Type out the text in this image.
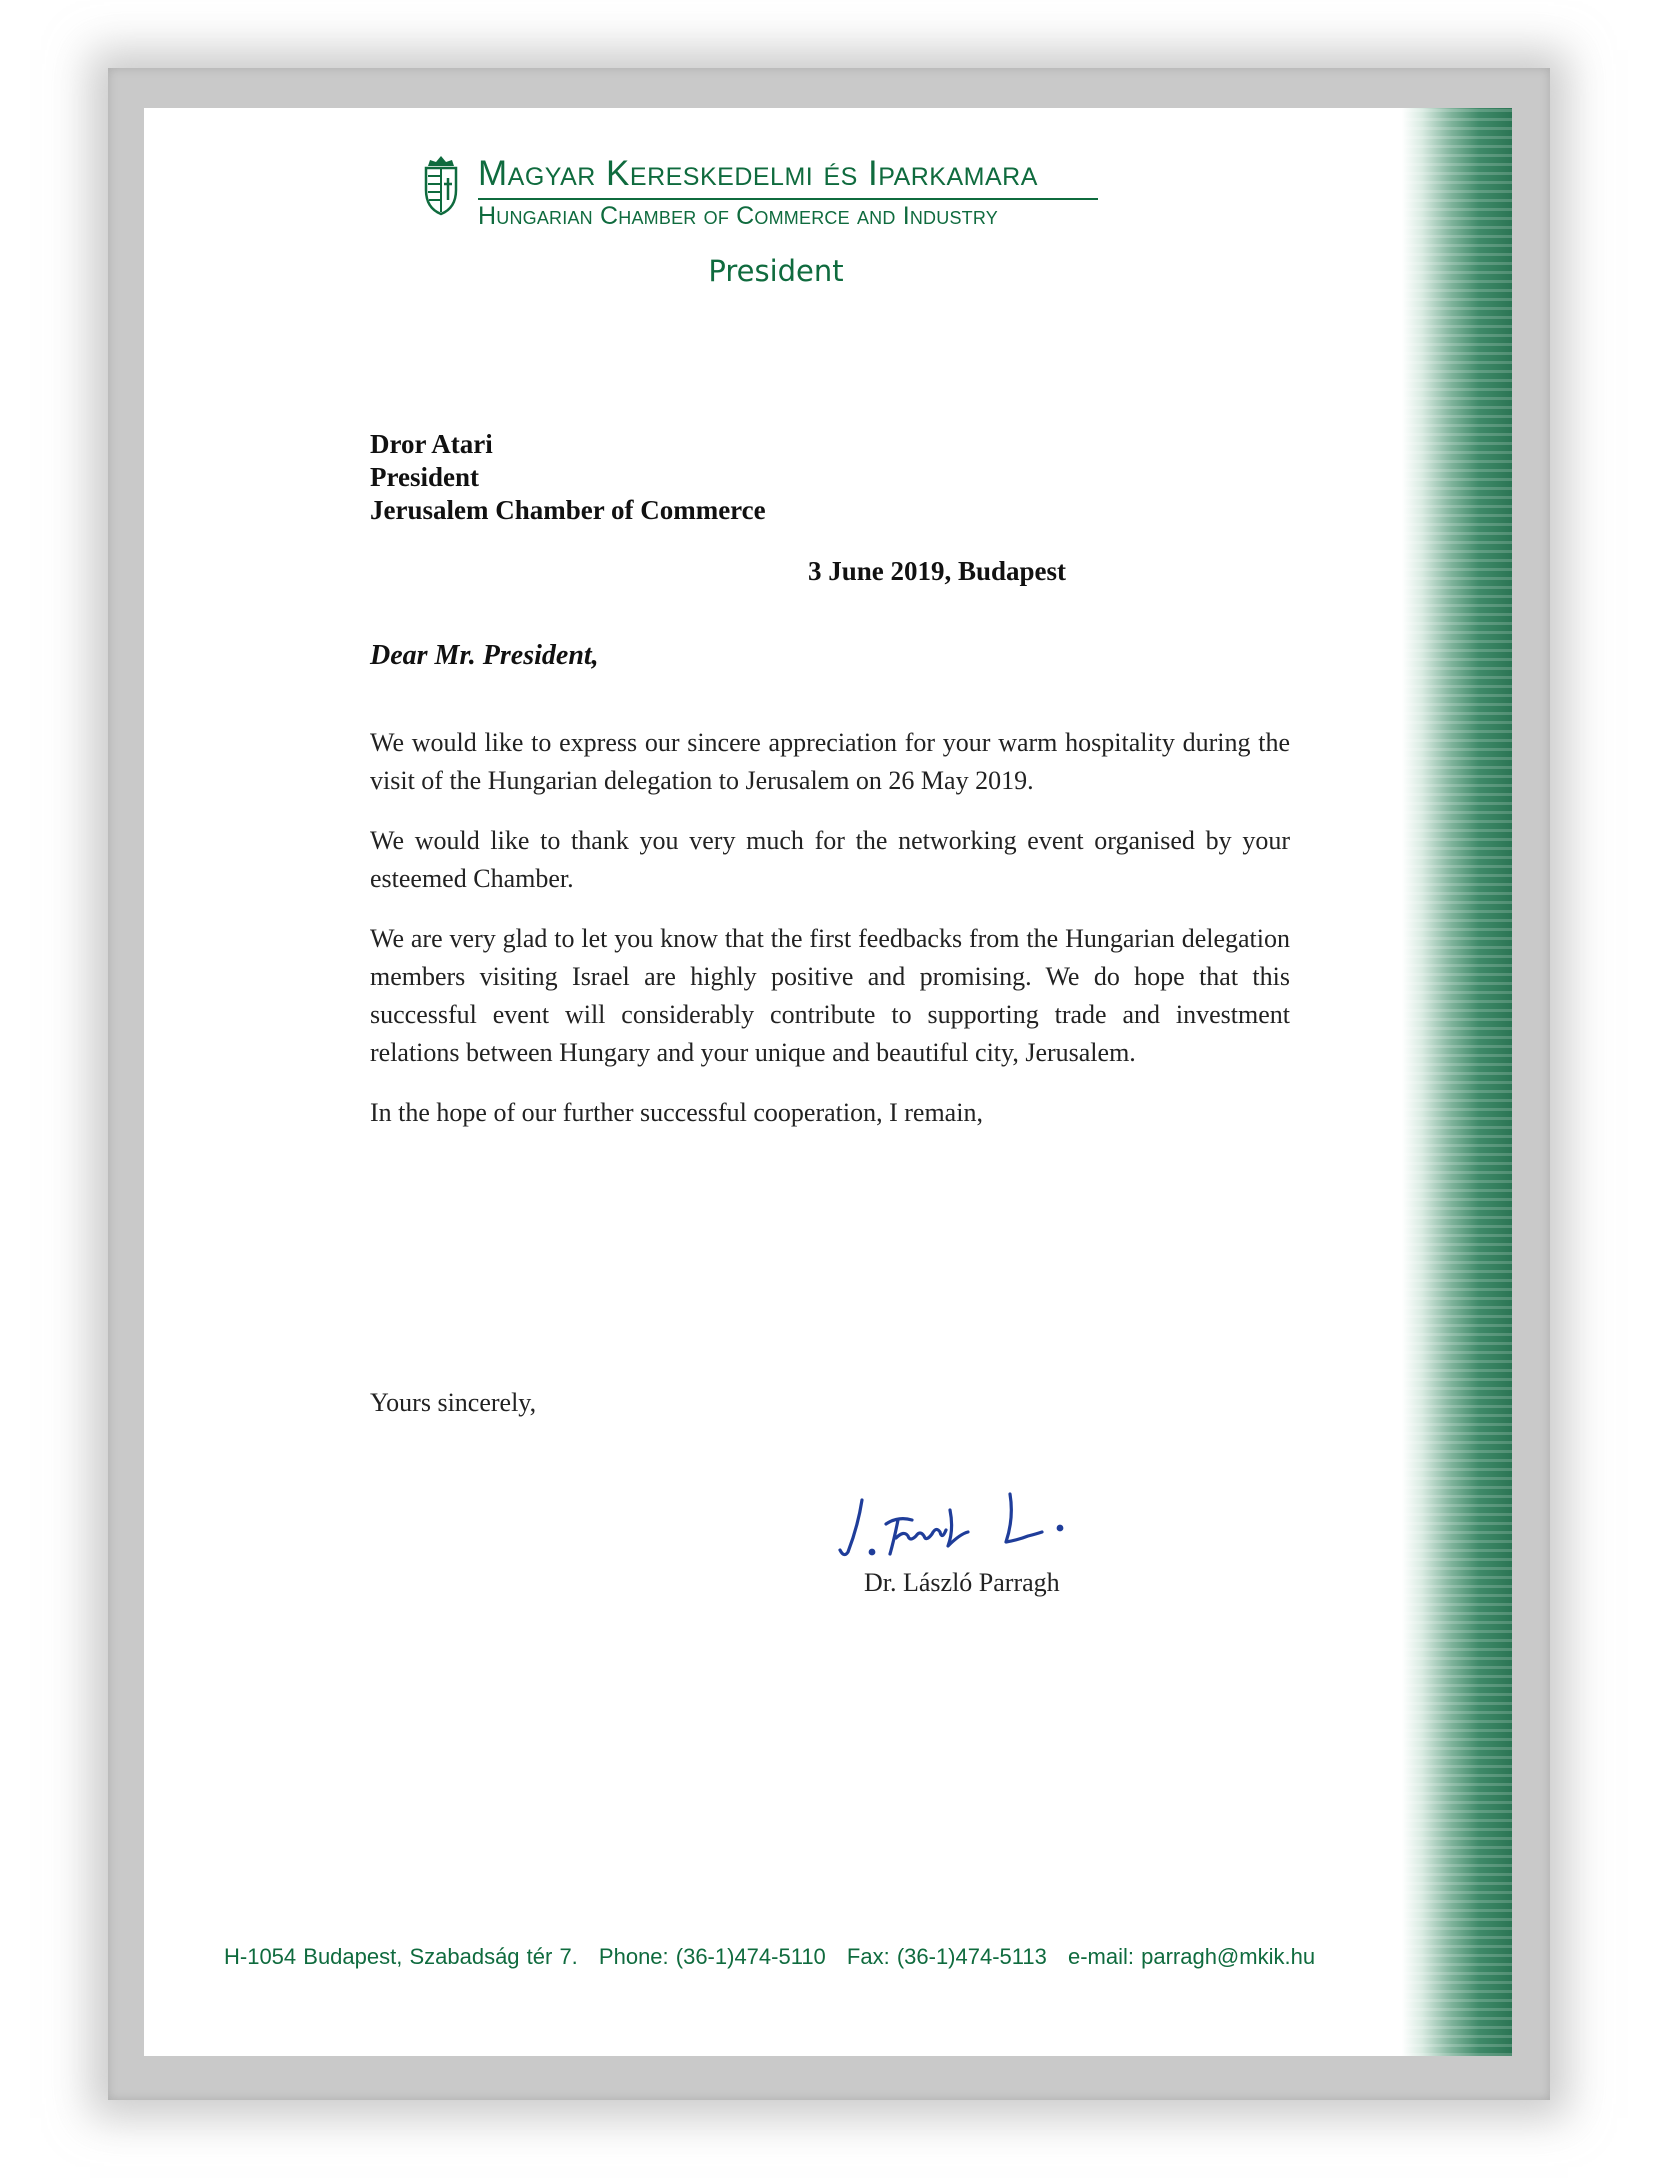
Magyar Kereskedelmi és Iparkamara
Hungarian Chamber of Commerce and Industry
President
Dror Atari
President
Jerusalem Chamber of Commerce
3 June 2019, Budapest
Dear Mr. President,

We would like to express our sincere appreciation for your warm hospitality during the visit of the Hungarian delegation to Jerusalem on 26 May 2019.

We would like to thank you very much for the networking event organised by your esteemed Chamber.

We are very glad to let you know that the first feedbacks from the Hungarian delegation members visiting Israel are highly positive and promising. We do hope that this successful event will considerably contribute to supporting trade and investment relations between Hungary and your unique and beautiful city, Jerusalem.

In the hope of our further successful cooperation, I remain,

Yours sincerely,
Dr. László Parragh
H-1054 Budapest, Szabadság tér 7. Phone: (36-1)474-5110 Fax: (36-1)474-5113 e-mail: parragh@mkik.hu
